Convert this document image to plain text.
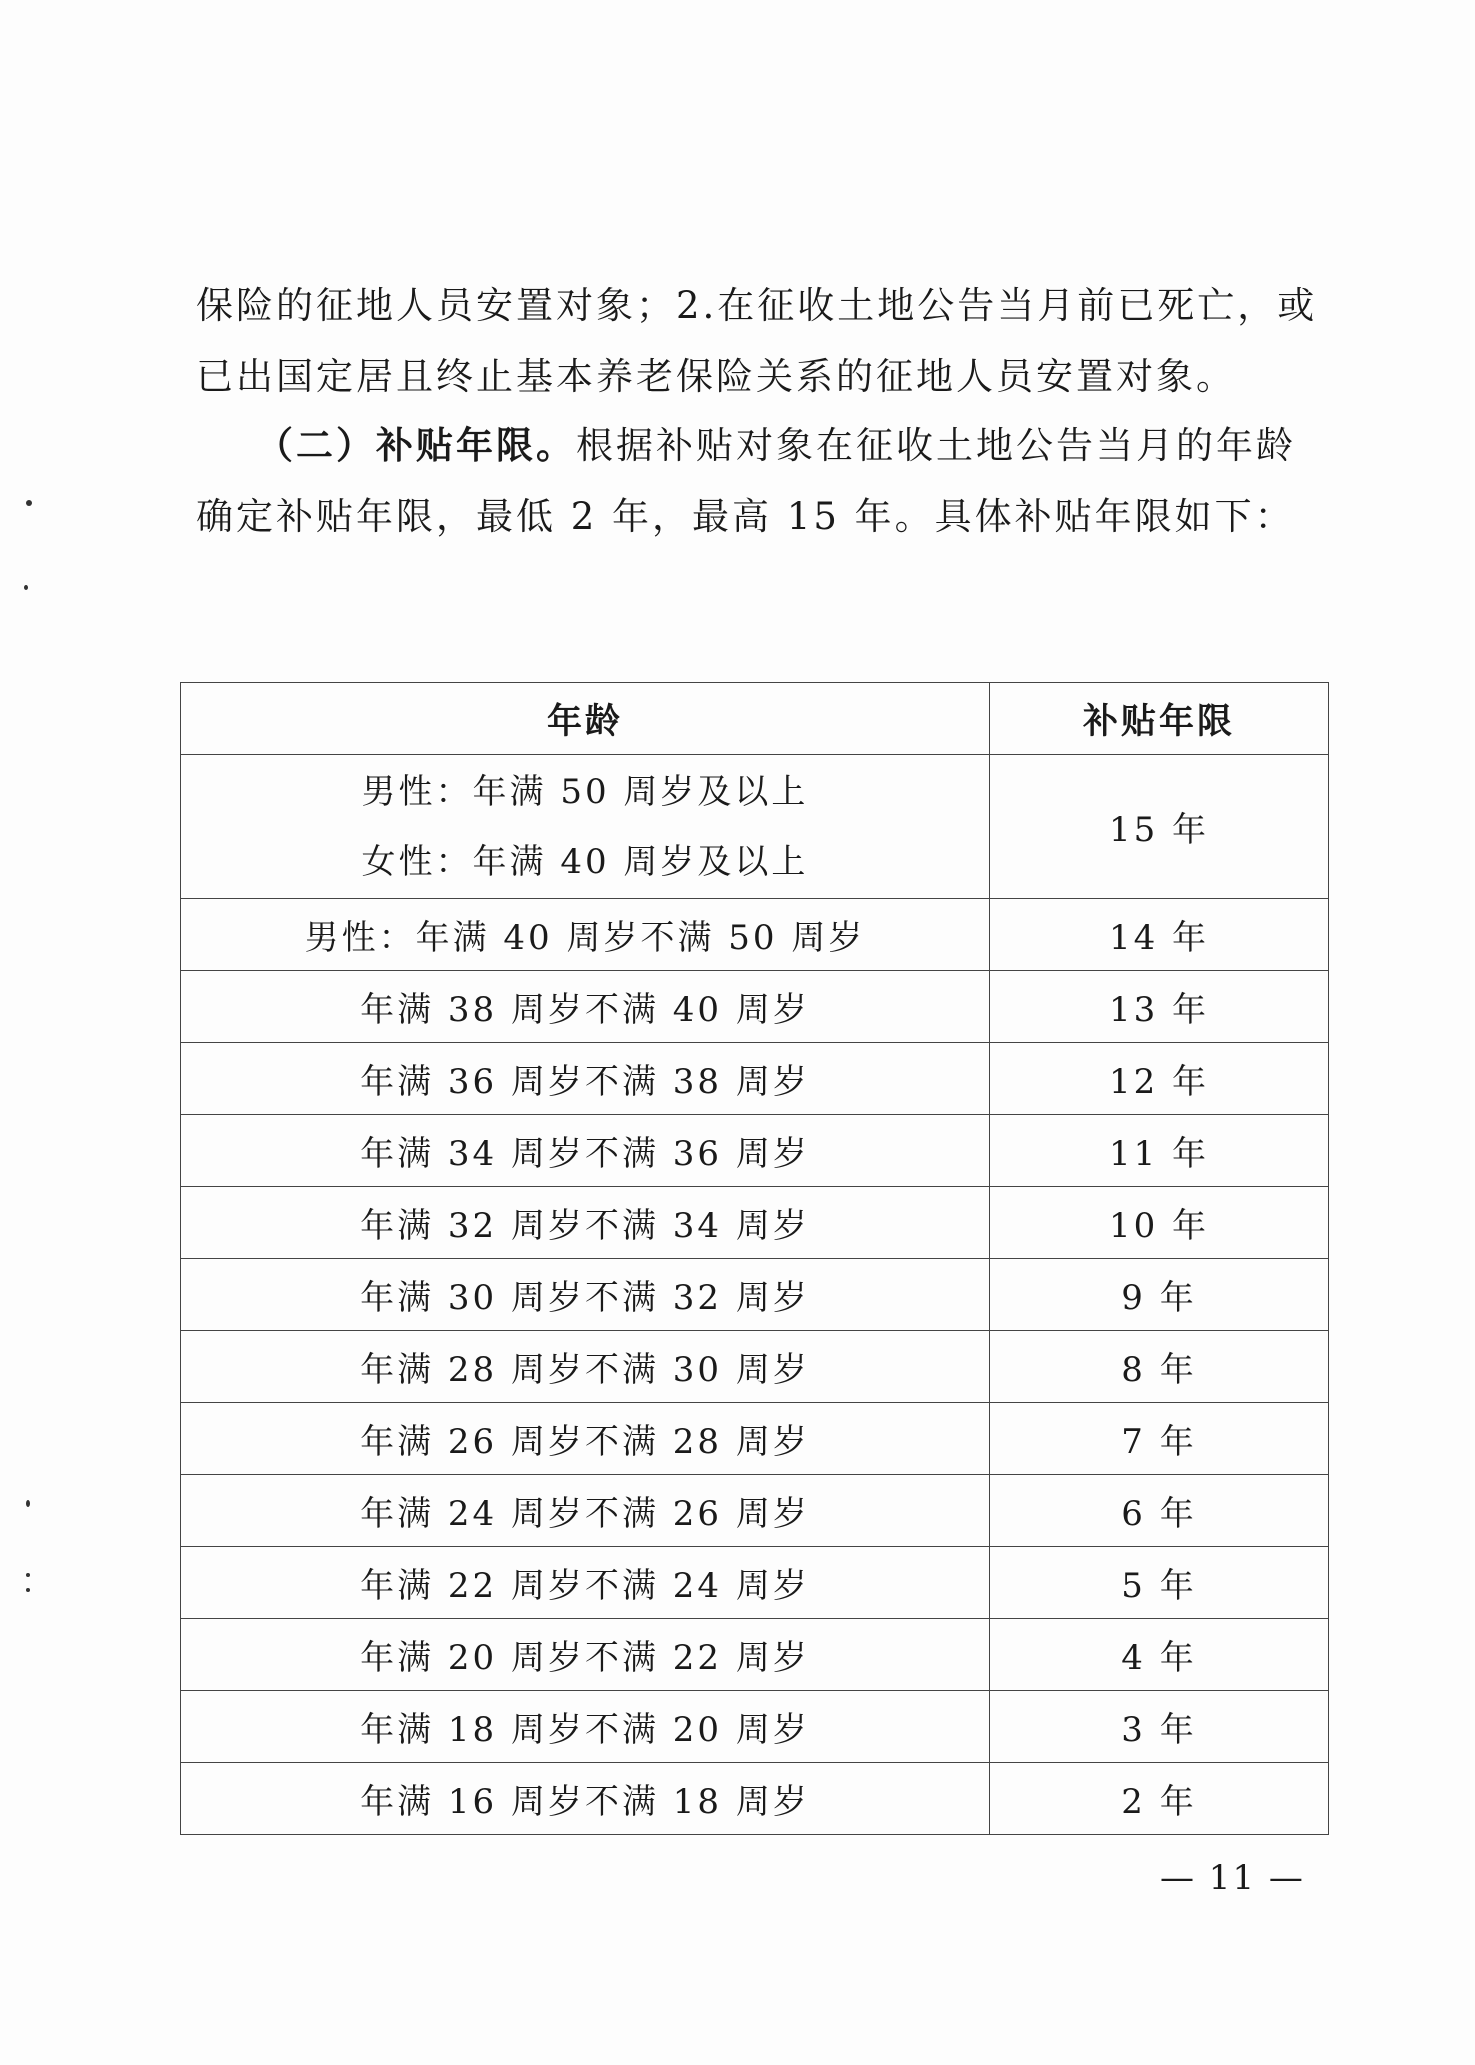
保险的征地人员安置对象；2.在征收土地公告当月前已死亡，或
已出国定居且终止基本养老保险关系的征地人员安置对象。
（二）补贴年限。根据补贴对象在征收土地公告当月的年龄
确定补贴年限，最低 2 年，最高 15 年。具体补贴年限如下：
年龄	补贴年限

男性：年满 50 周岁及以上
女性：年满 40 周岁及以上	15 年
男性：年满 40 周岁不满 50 周岁	14 年
年满 38 周岁不满 40 周岁	13 年
年满 36 周岁不满 38 周岁	12 年
年满 34 周岁不满 36 周岁	11 年
年满 32 周岁不满 34 周岁	10 年
年满 30 周岁不满 32 周岁	9 年
年满 28 周岁不满 30 周岁	8 年
年满 26 周岁不满 28 周岁	7 年
年满 24 周岁不满 26 周岁	6 年
年满 22 周岁不满 24 周岁	5 年
年满 20 周岁不满 22 周岁	4 年
年满 18 周岁不满 20 周岁	3 年
年满 16 周岁不满 18 周岁	2 年
— 11 —
